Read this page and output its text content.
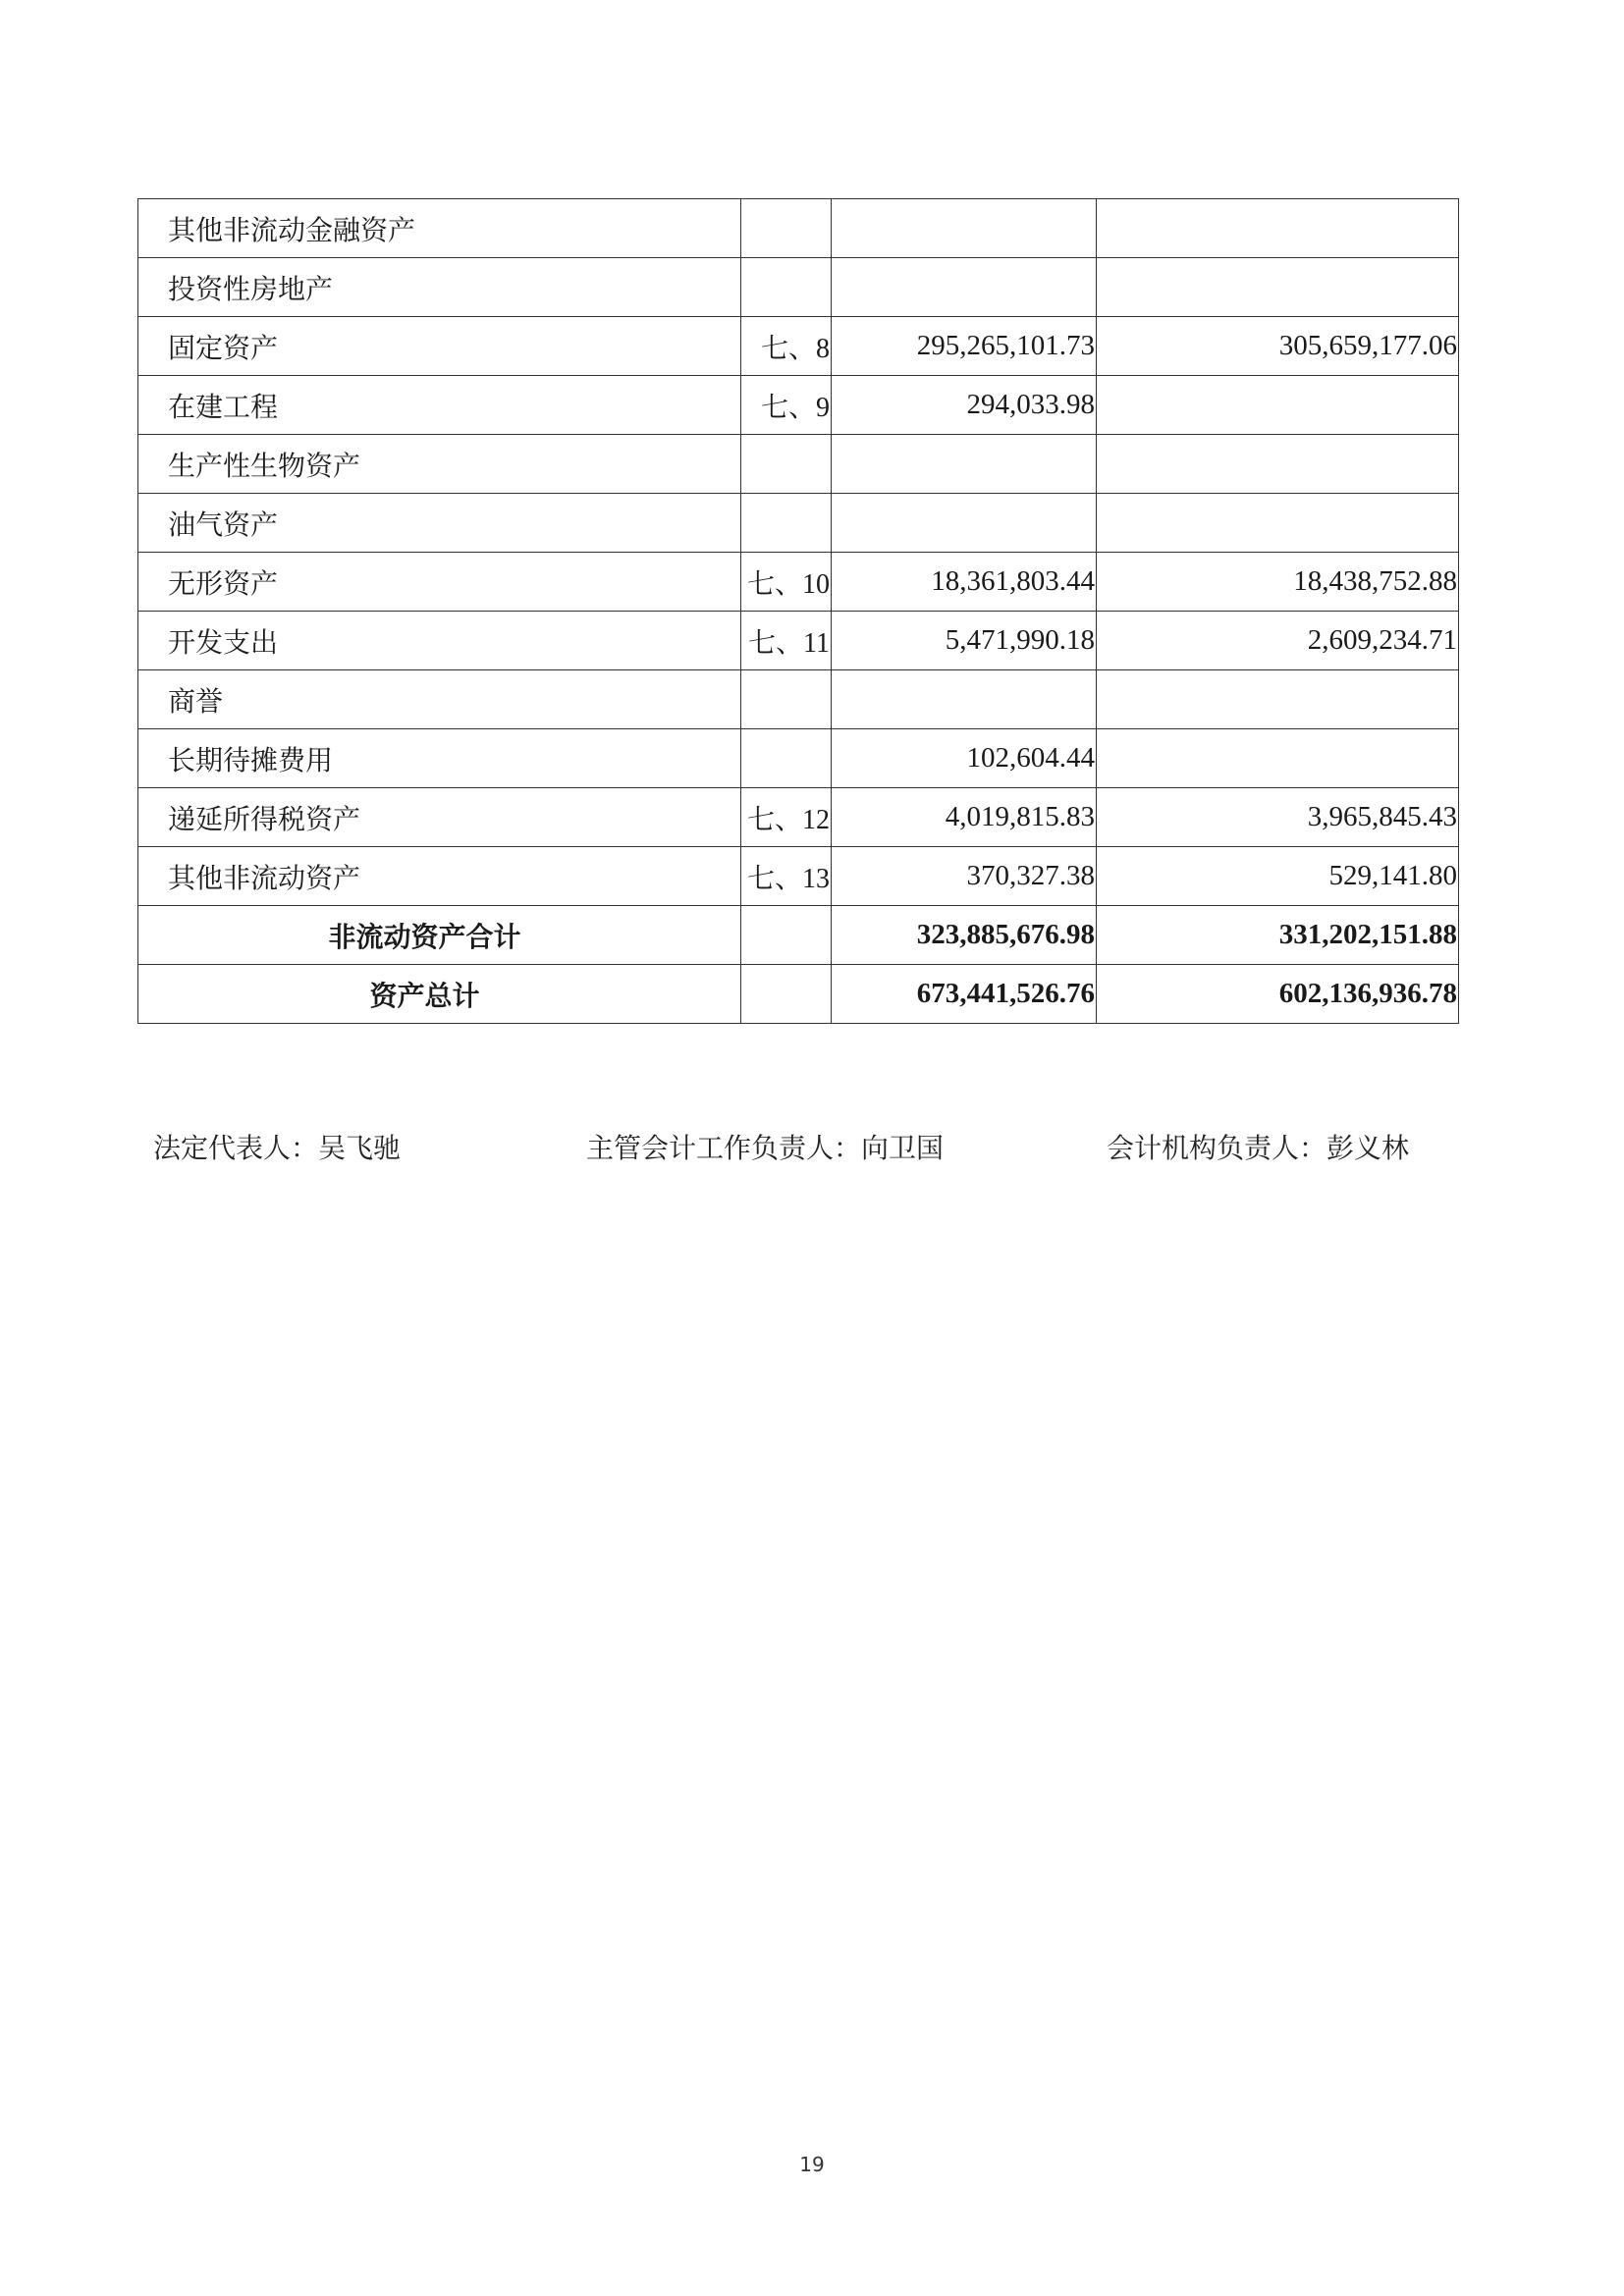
其他非流动金融资产			
投资性房地产			
固定资产	七、8	295,265,101.73	305,659,177.06
在建工程	七、9	294,033.98	
生产性生物资产			
油气资产			
无形资产	七、10	18,361,803.44	18,438,752.88
开发支出	七、11	5,471,990.18	2,609,234.71
商誉			
长期待摊费用		102,604.44	
递延所得税资产	七、12	4,019,815.83	3,965,845.43
其他非流动资产	七、13	370,327.38	529,141.80
非流动资产合计		323,885,676.98	331,202,151.88
资产总计		673,441,526.76	602,136,936.78
法定代表人：吴飞驰	主管会计工作负责人：向卫国	会计机构负责人：彭义林
19
